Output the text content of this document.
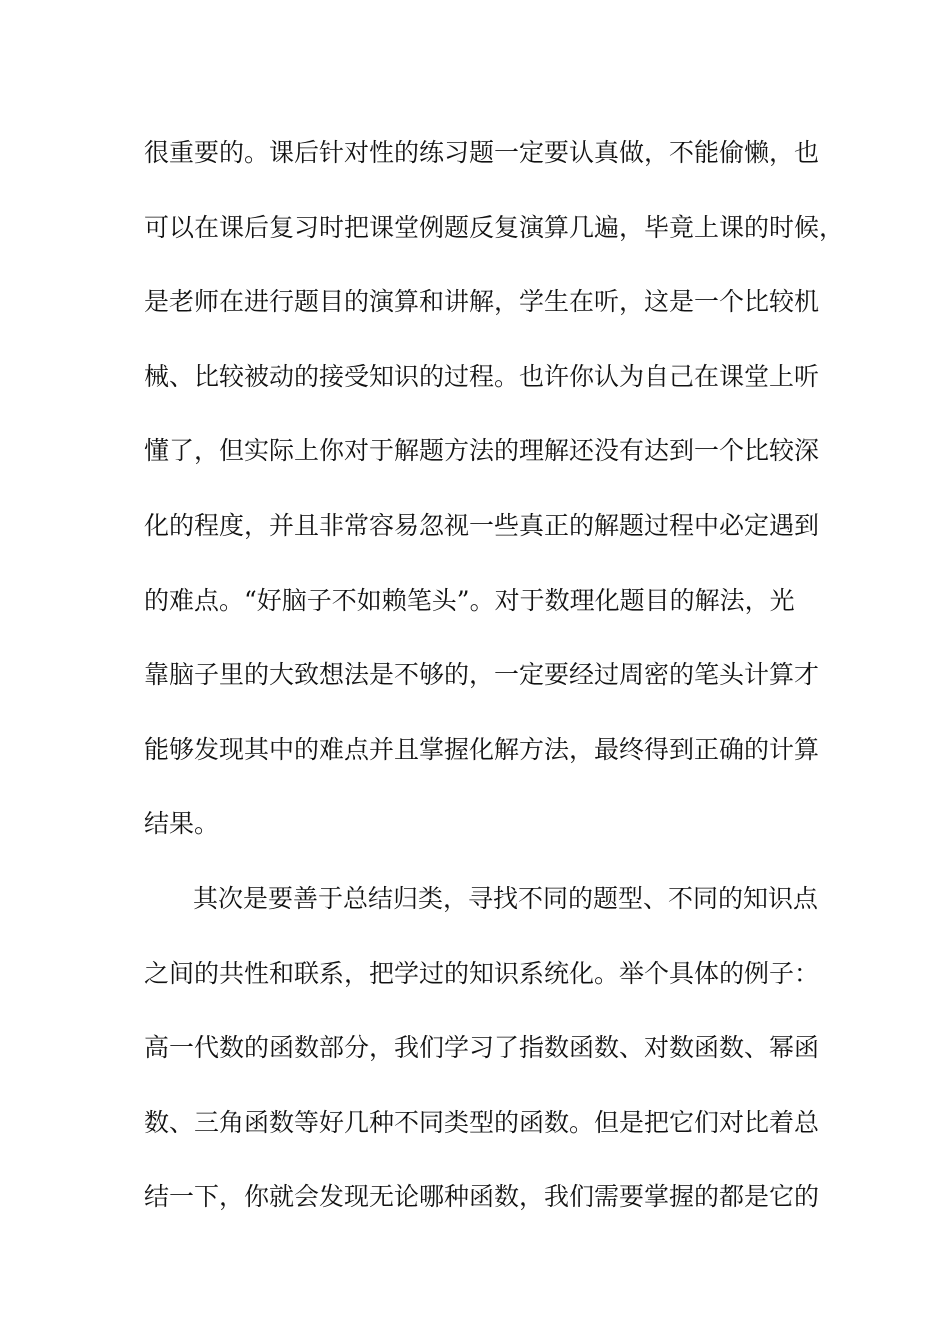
很重要的。课后针对性的练习题一定要认真做，不能偷懒，也
可以在课后复习时把课堂例题反复演算几遍，毕竟上课的时候，
是老师在进行题目的演算和讲解，学生在听，这是一个比较机
械、比较被动的接受知识的过程。也许你认为自己在课堂上听
懂了，但实际上你对于解题方法的理解还没有达到一个比较深
化的程度，并且非常容易忽视一些真正的解题过程中必定遇到
的难点。“好脑子不如赖笔头”。对于数理化题目的解法，光
靠脑子里的大致想法是不够的，一定要经过周密的笔头计算才
能够发现其中的难点并且掌握化解方法，最终得到正确的计算
结果。
其次是要善于总结归类，寻找不同的题型、不同的知识点
之间的共性和联系，把学过的知识系统化。举个具体的例子：
高一代数的函数部分，我们学习了指数函数、对数函数、幂函
数、三角函数等好几种不同类型的函数。但是把它们对比着总
结一下，你就会发现无论哪种函数，我们需要掌握的都是它的
